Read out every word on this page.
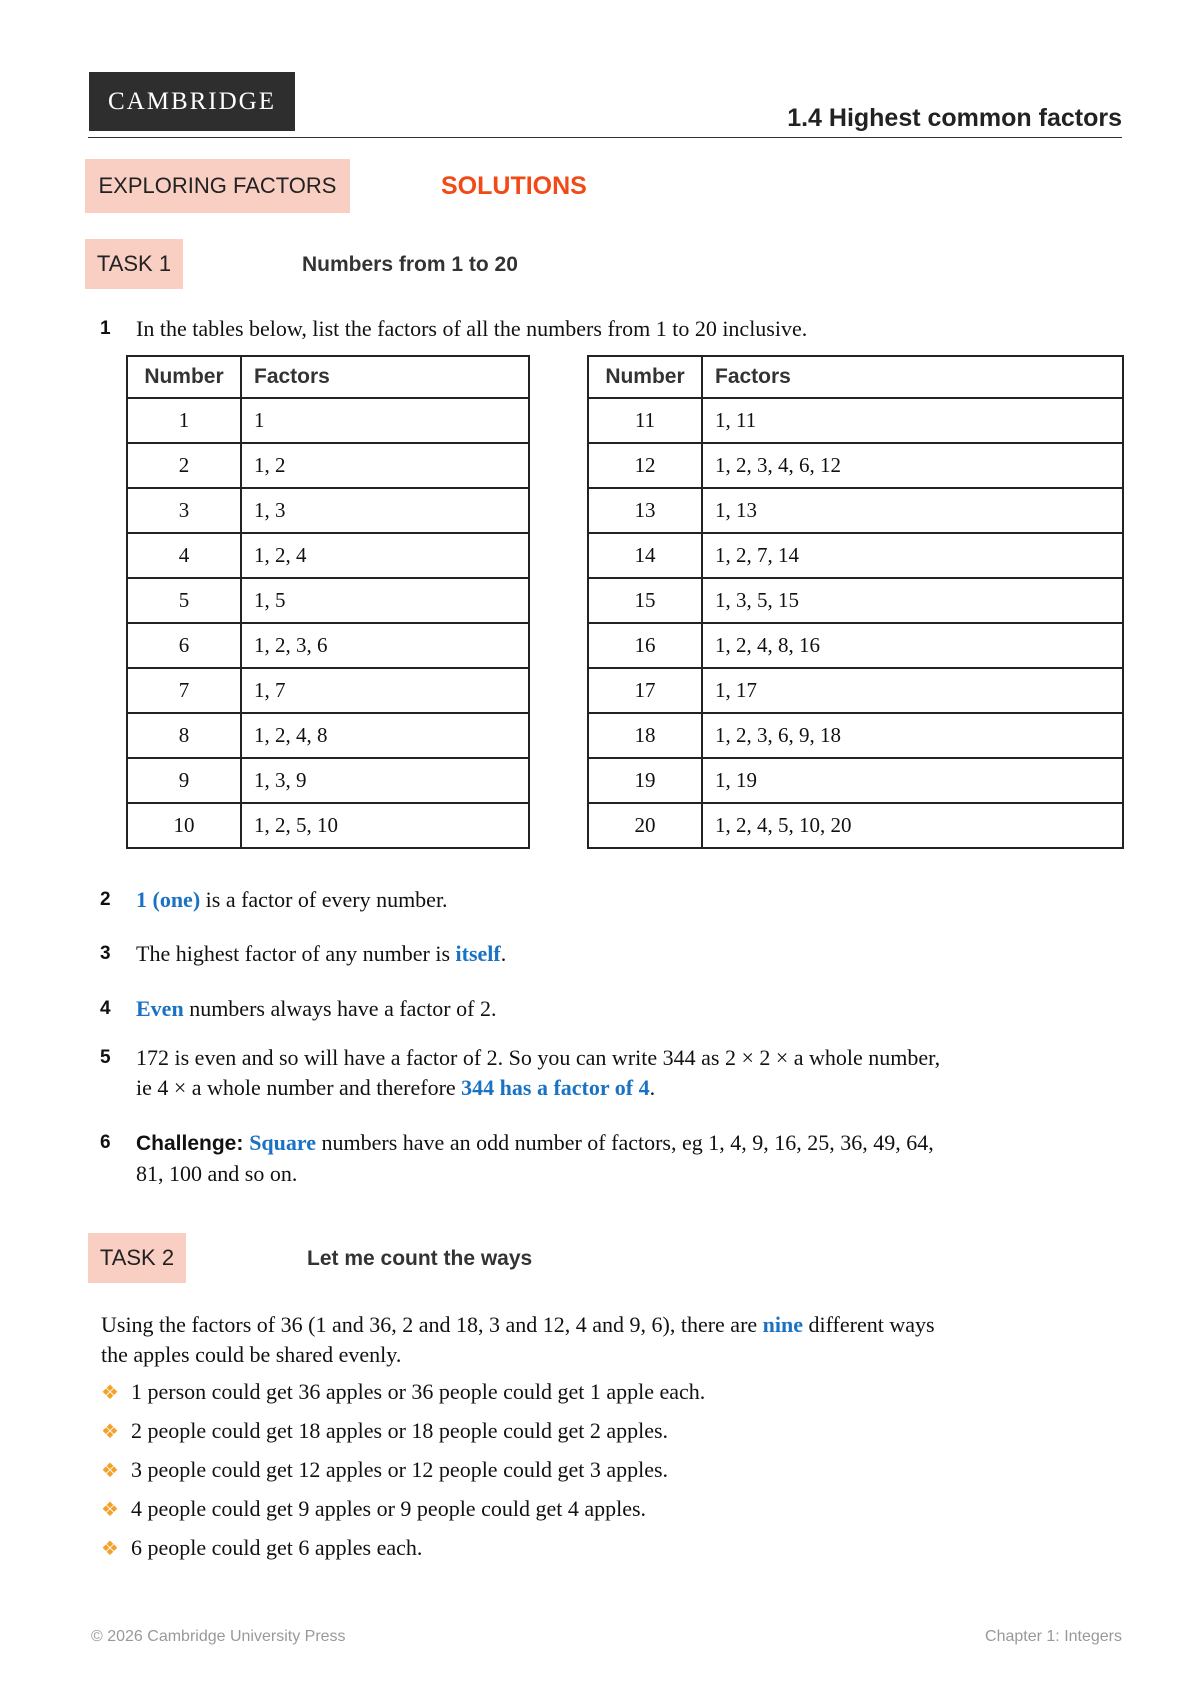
CAMBRIDGE
1.4 Highest common factors
EXPLORING FACTORS	SOLUTIONS
TASK 1	Numbers from 1 to 20
1	In the tables below, list the factors of all the numbers from 1 to 20 inclusive.
Number	Factors
1	1
2	1, 2
3	1, 3
4	1, 2, 4
5	1, 5
6	1, 2, 3, 6
7	1, 7
8	1, 2, 4, 8
9	1, 3, 9
10	1, 2, 5, 10
Number	Factors
11	1, 11
12	1, 2, 3, 4, 6, 12
13	1, 13
14	1, 2, 7, 14
15	1, 3, 5, 15
16	1, 2, 4, 8, 16
17	1, 17
18	1, 2, 3, 6, 9, 18
19	1, 19
20	1, 2, 4, 5, 10, 20
2	1 (one) is a factor of every number.
3	The highest factor of any number is itself.
4	Even numbers always have a factor of 2.
5	172 is even and so will have a factor of 2. So you can write 344 as 2 × 2 × a whole number,
ie 4 × a whole number and therefore 344 has a factor of 4.
6	Challenge: Square numbers have an odd number of factors, eg 1, 4, 9, 16, 25, 36, 49, 64,
81, 100 and so on.
TASK 2	Let me count the ways
Using the factors of 36 (1 and 36, 2 and 18, 3 and 12, 4 and 9, 6), there are nine different ways
the apples could be shared evenly.
❖ 1 person could get 36 apples or 36 people could get 1 apple each.
❖ 2 people could get 18 apples or 18 people could get 2 apples.
❖ 3 people could get 12 apples or 12 people could get 3 apples.
❖ 4 people could get 9 apples or 9 people could get 4 apples.
❖ 6 people could get 6 apples each.
© 2026 Cambridge University Press	Chapter 1: Integers
